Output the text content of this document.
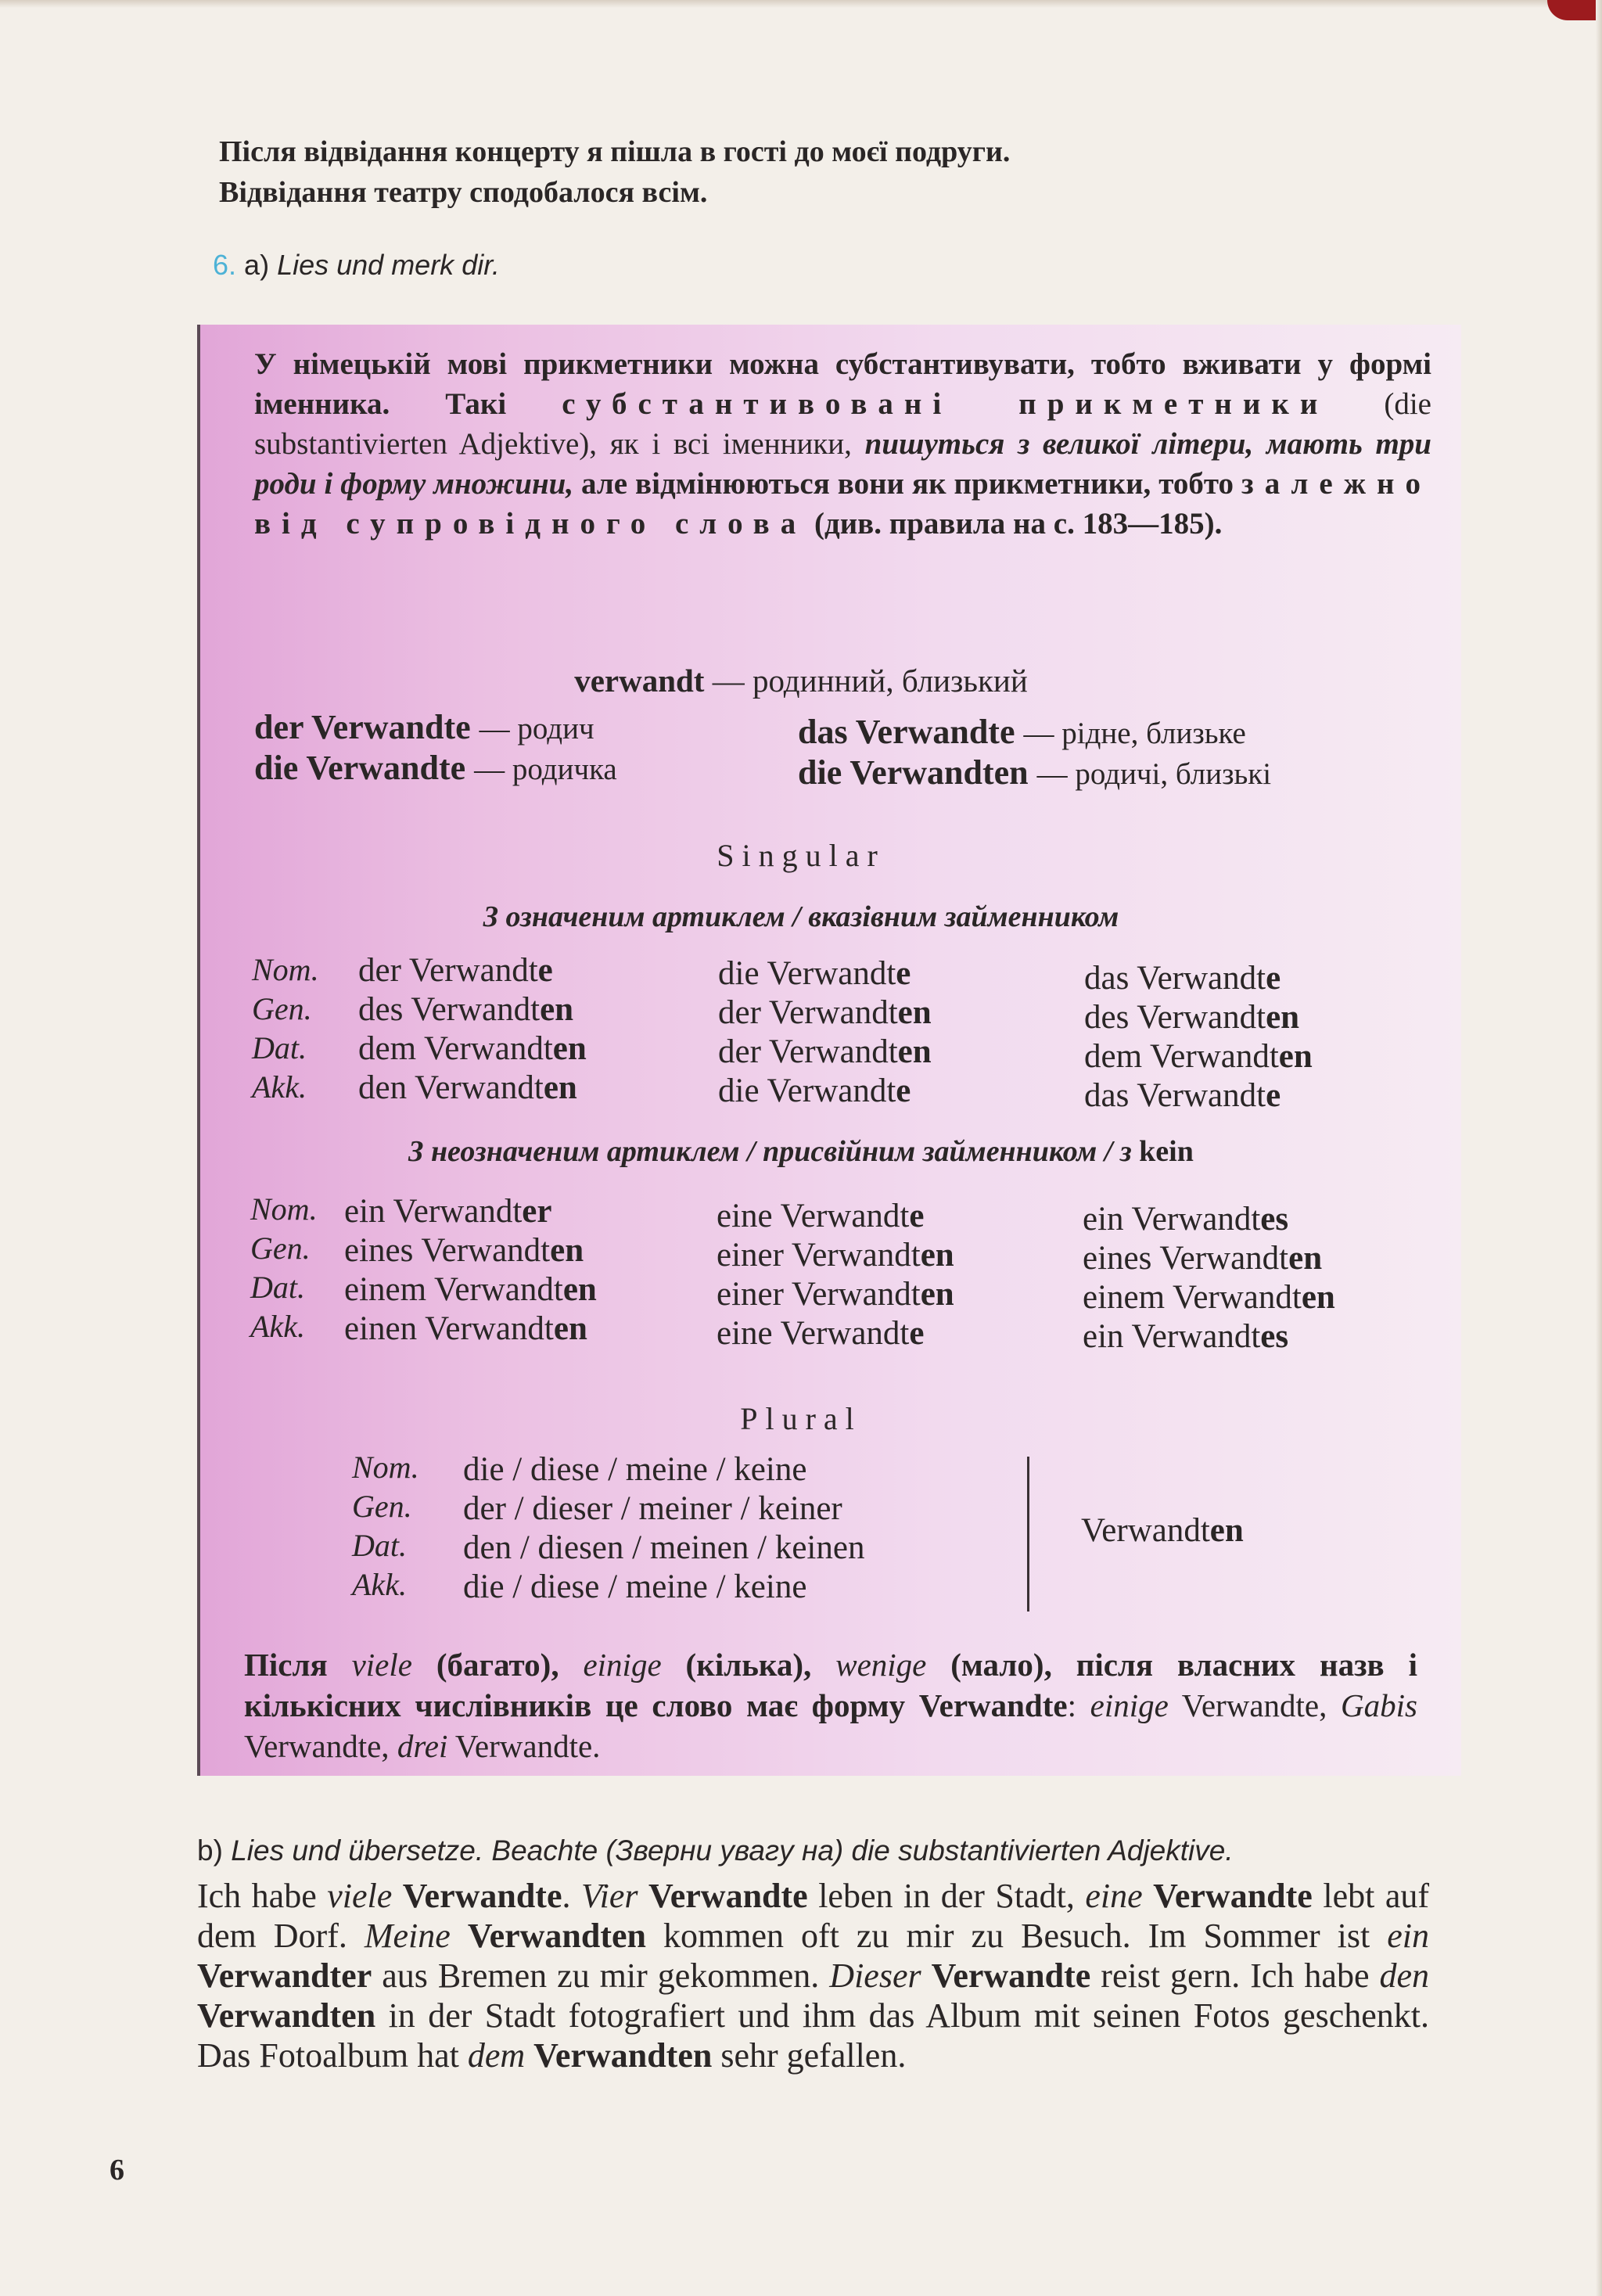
Після відвідання концерту я пішла в гості до моєї подруги.
Відвідання театру сподобалося всім.
6. a) Lies und merk dir.
У німецькій мові прикметники можна субстантивувати, тобто вживати у формі іменника. Такі субстантивовані прикметники (die substantivierten Adjektive), як і всі іменники, пишуться з великої літери, мають три роди і форму множини, але відмінюються вони як прикметники, тобто залежно від супровідного слова (див. правила на с. 183—185).
verwandt — родинний, близький
der Verwandte — родич
die Verwandte — родичка
das Verwandte — рідне, близьке
die Verwandten — родичі, близькі
Singular
З означеним артиклем / вказівним займенником
Nom.
Gen.
Dat.
Akk.
der Verwandte
des Verwandten
dem Verwandten
den Verwandten
die Verwandte
der Verwandten
der Verwandten
die Verwandte
das Verwandte
des Verwandten
dem Verwandten
das Verwandte
З неозначеним артиклем / присвійним займенником / з kein
Nom.
Gen.
Dat.
Akk.
ein Verwandter
eines Verwandten
einem Verwandten
einen Verwandten
eine Verwandte
einer Verwandten
einer Verwandten
eine Verwandte
ein Verwandtes
eines Verwandten
einem Verwandten
ein Verwandtes
Plural
Nom.
Gen.
Dat.
Akk.
die / diese / meine / keine
der / dieser / meiner / keiner
den / diesen / meinen / keinen
die / diese / meine / keine
Verwandten
Після viele (багато), einige (кілька), wenige (мало), після власних назв і кількісних числівників це слово має форму Verwandte: einige Verwandte, Gabis Verwandte, drei Verwandte.
b) Lies und übersetze. Beachte (Зверни увагу на) die substantivierten Adjektive.
Ich habe viele Verwandte. Vier Verwandte leben in der Stadt, eine Verwandte lebt auf dem Dorf. Meine Verwandten kommen oft zu mir zu Besuch. Im Sommer ist ein Verwandter aus Bremen zu mir gekommen. Dieser Verwandte reist gern. Ich habe den Verwandten in der Stadt fotografiert und ihm das Album mit seinen Fotos geschenkt. Das Fotoalbum hat dem Verwandten sehr gefallen.
6
